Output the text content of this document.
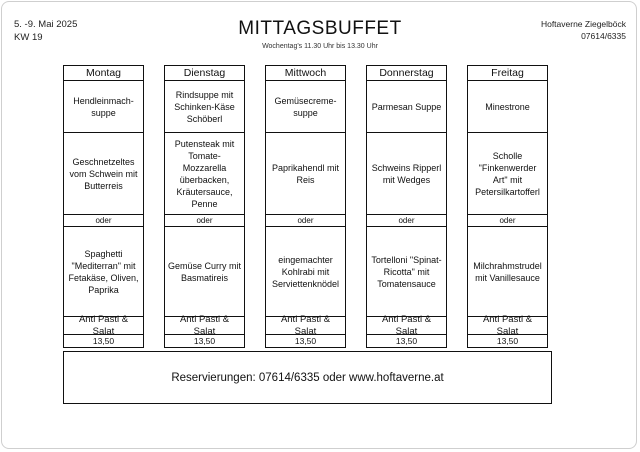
5. -9. Mai 2025
KW 19	MITTAGSBUFFET
Wochentag's 11.30 Uhr bis 13.30 Uhr
Hoftaverne Ziegelböck
07614/6335
Montag
Hendleinmach-suppe
Geschnetzeltes vom Schwein mit Butterreis
oder
Spaghetti "Mediterran" mit Fetakäse, Oliven, Paprika
Anti Pasti & Salat
13,50
Dienstag
Rindsuppe mit Schinken-Käse Schöberl
Putensteak mit Tomate-Mozzarella überbacken, Kräutersauce, Penne
oder
Gemüse Curry mit Basmatireis
Anti Pasti & Salat
13,50
Mittwoch
Gemüsecreme-suppe
Paprikahendl mit Reis
oder
eingemachter Kohlrabi mit Serviettenknödel
Anti Pasti & Salat
13,50
Donnerstag
Parmesan Suppe
Schweins Ripperl mit Wedges
oder
Tortelloni "Spinat-Ricotta" mit Tomatensauce
Anti Pasti & Salat
13,50
Freitag
Minestrone
Scholle "Finkenwerder Art" mit Petersilkartofferl
oder
Milchrahmstrudel mit Vanillesauce
Anti Pasti & Salat
13,50
Reservierungen: 07614/6335 oder www.hoftaverne.at
